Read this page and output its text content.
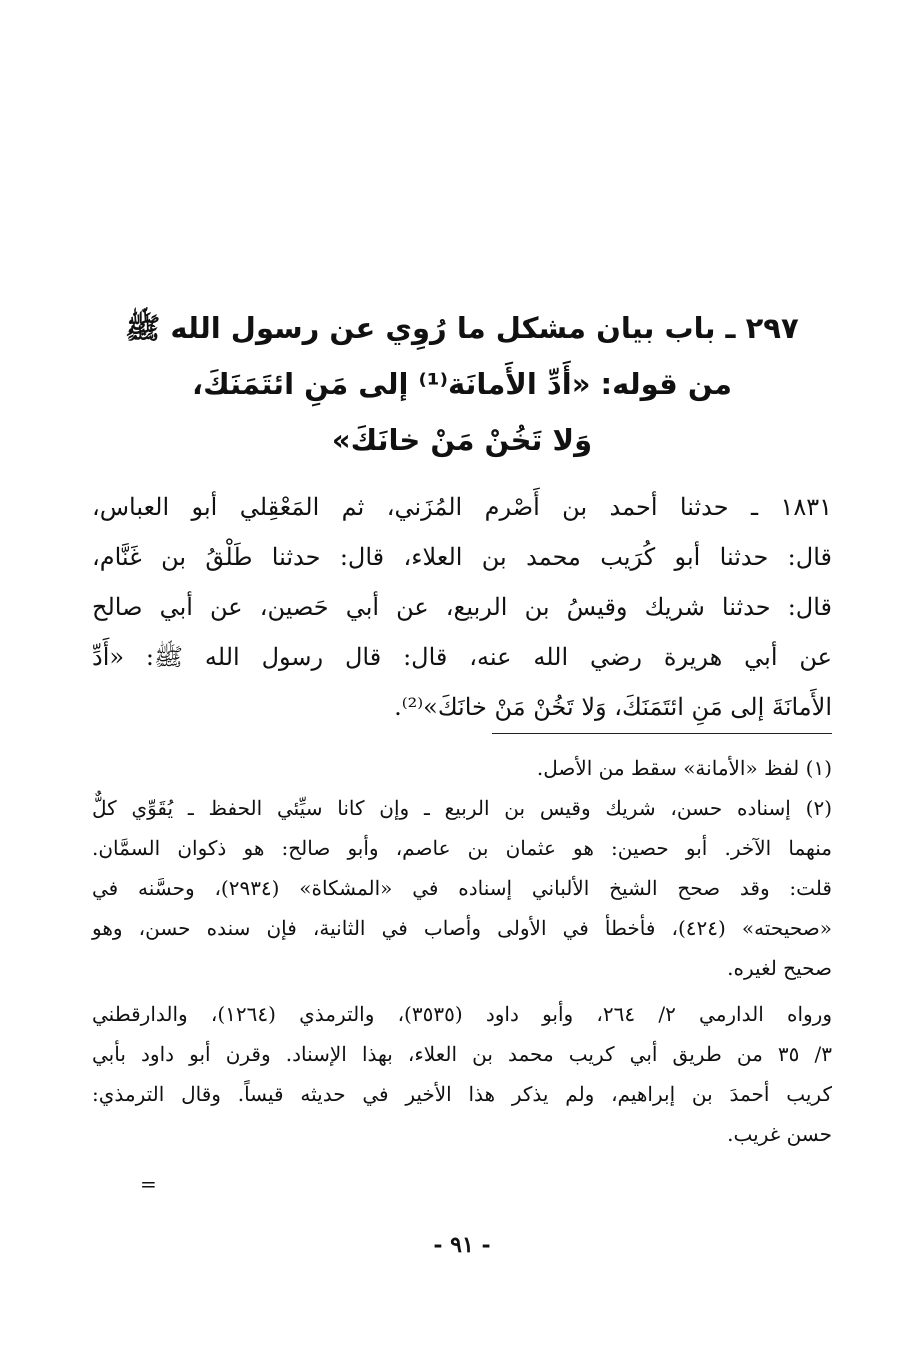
٢٩٧ ـ باب بيان مشكل ما رُوِي عن رسول الله ﷺ
من قوله: «أَدِّ الأَمانَة⁽¹⁾ إلى مَنِ ائتَمَنَكَ،
وَلا تَخُنْ مَنْ خانَكَ»

١٨٣١ ـ حدثنا أحمد بن أَصْرم المُزَني، ثم المَعْقِلي أبو العباس،

قال: حدثنا أبو كُرَيب محمد بن العلاء، قال: حدثنا طَلْقُ بن غَنَّام،

قال: حدثنا شريك وقيسُ بن الربيع، عن أبي حَصين، عن أبي صالح

عن أبي هريرة رضي الله عنه، قال: قال رسول الله ﷺ: «أَدِّ

الأَمانَةَ إلى مَنِ ائتَمَنَكَ، وَلا تَخُنْ مَنْ خانَكَ»⁽²⁾.

(١) لفظ «الأمانة» سقط من الأصل.

(٢) إسناده حسن، شريك وقيس بن الربيع ـ وإن كانا سيِّئي الحفظ ـ يُقَوِّي كلٌّ

منهما الآخر. أبو حصين: هو عثمان بن عاصم، وأبو صالح: هو ذكوان السمَّان.

قلت: وقد صحح الشيخ الألباني إسناده في «المشكاة» (٢٩٣٤)، وحسَّنه في

«صحيحته» (٤٢٤)، فأخطأ في الأولى وأصاب في الثانية، فإن سنده حسن، وهو

صحيح لغيره.

ورواه الدارمي ٢/ ٢٦٤، وأبو داود (٣٥٣٥)، والترمذي (١٢٦٤)، والدارقطني

٣/ ٣٥ من طريق أبي كريب محمد بن العلاء، بهذا الإسناد. وقرن أبو داود بأبي

كريب أحمدَ بن إبراهيم، ولم يذكر هذا الأخير في حديثه قيساً. وقال الترمذي:

حسن غريب.

=
- ٩١ -
